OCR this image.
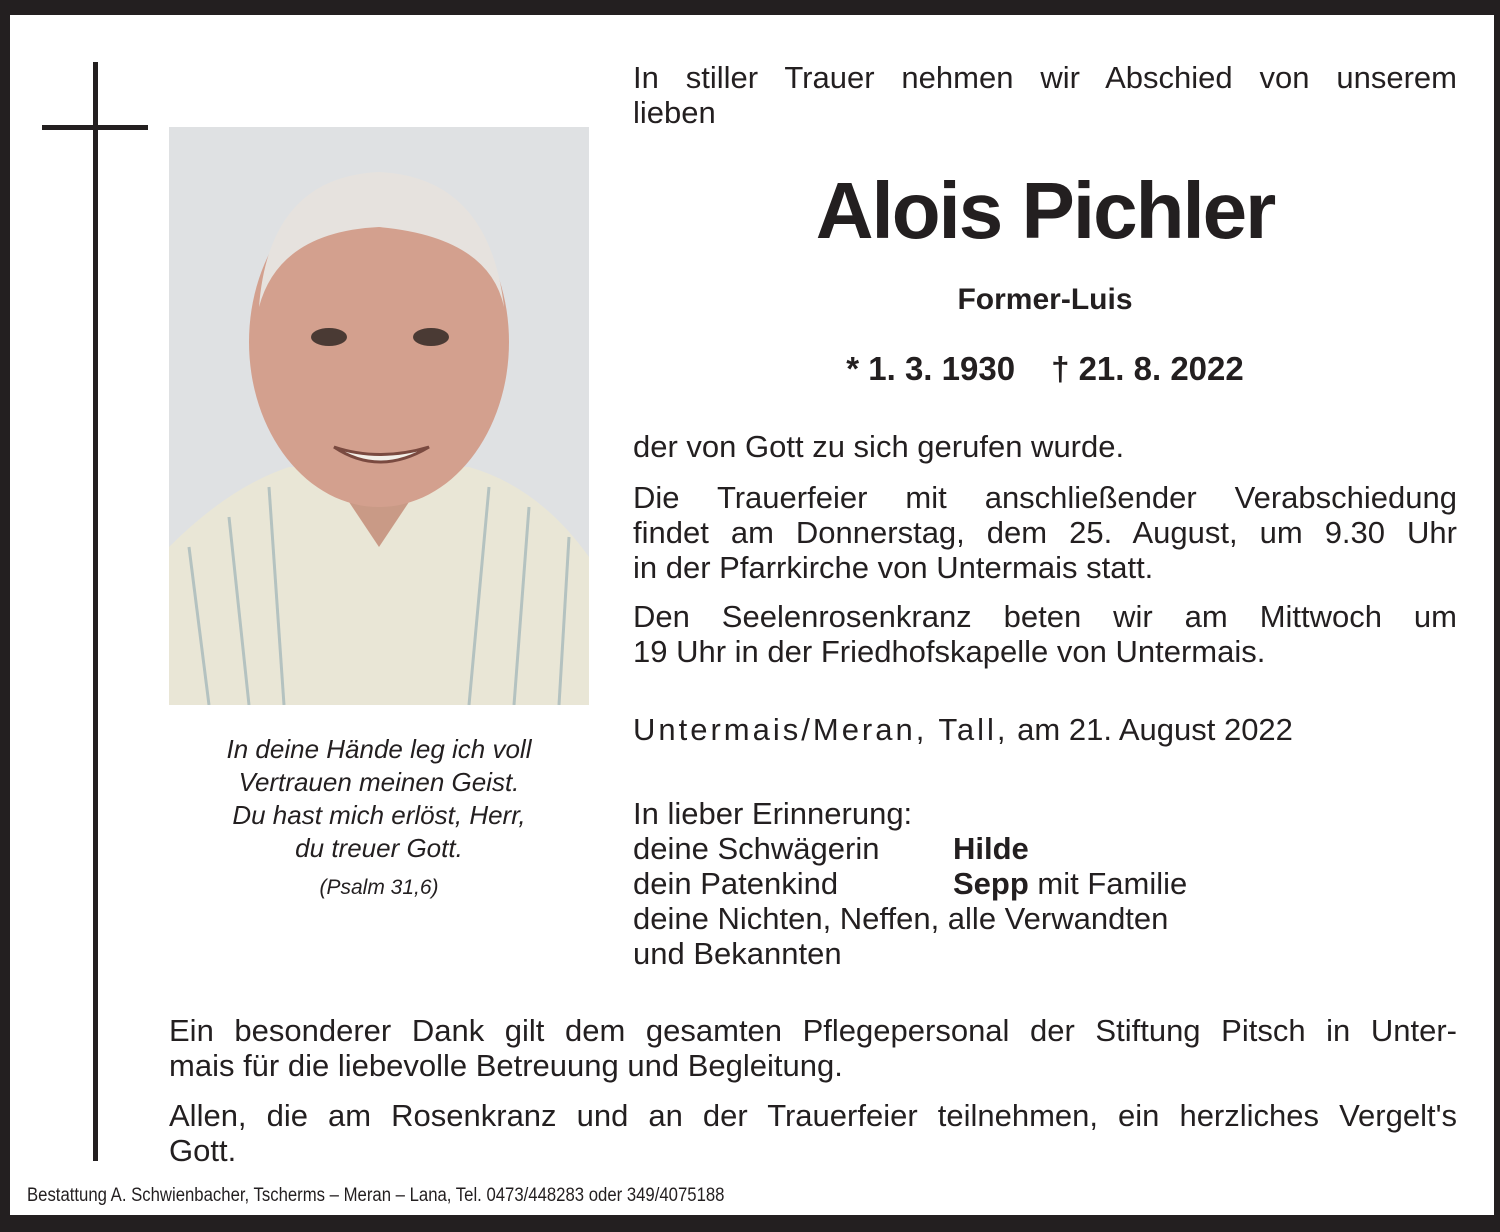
In deine Hände leg ich voll
Vertrauen meinen Geist.
Du hast mich erlöst, Herr,
du treuer Gott.
(Psalm 31,6)
In stiller Trauer nehmen wir Abschied von unserem
lieben
Alois Pichler
Former-Luis
* 1. 3. 1930 † 21. 8. 2022
der von Gott zu sich gerufen wurde.
Die Trauerfeier mit anschließender Verabschiedung
findet am Donnerstag, dem 25. August, um 9.30 Uhr
in der Pfarrkirche von Untermais statt.
Den Seelenrosenkranz beten wir am Mittwoch um
19 Uhr in der Friedhofskapelle von Untermais.
Untermais/Meran, Tall, am 21. August 2022
In lieber Erinnerung:
deine Schwägerin	Hilde
dein Patenkind	Sepp mit Familie
deine Nichten, Neffen, alle Verwandten
und Bekannten
Ein besonderer Dank gilt dem gesamten Pflegepersonal der Stiftung Pitsch in Unter-
mais für die liebevolle Betreuung und Begleitung.
Allen, die am Rosenkranz und an der Trauerfeier teilnehmen, ein herzliches Vergelt's
Gott.
Bestattung A. Schwienbacher, Tscherms – Meran – Lana, Tel. 0473/448283 oder 349/4075188
